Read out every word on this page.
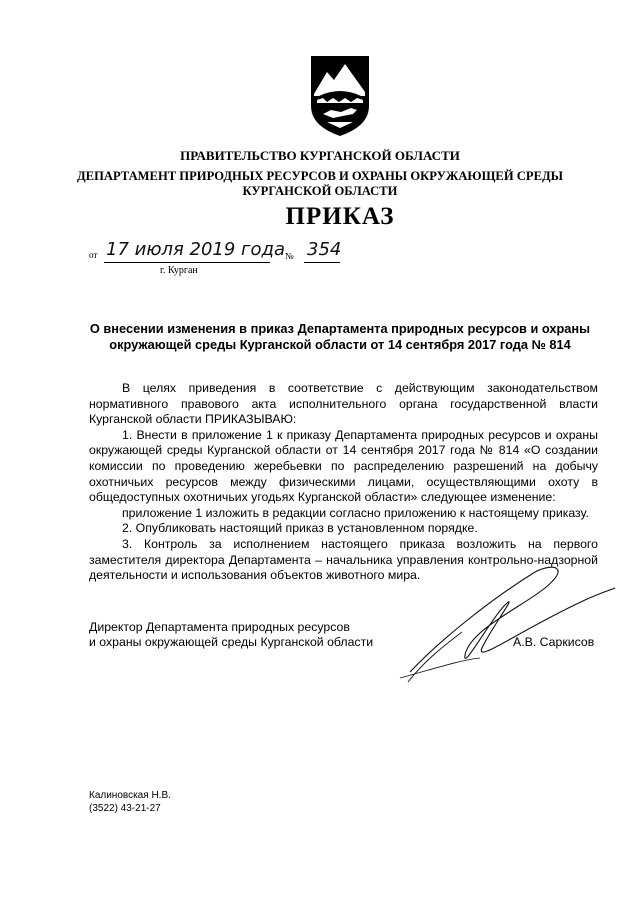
ПРАВИТЕЛЬСТВО КУРГАНСКОЙ ОБЛАСТИ
ДЕПАРТАМЕНТ ПРИРОДНЫХ РЕСУРСОВ И ОХРАНЫ ОКРУЖАЮЩЕЙ СРЕДЫ
КУРГАНСКОЙ ОБЛАСТИ
ПРИКАЗ
от 17 июля 2019 года № 354
г. Курган
О внесении изменения в приказ Департамента природных ресурсов и охраны
окружающей среды Курганской области от 14 сентября 2017 года № 814
В целях приведения в соответствие с действующим законодательством
нормативного правового акта исполнительного органа государственной власти
Курганской области ПРИКАЗЫВАЮ:
1. Внести в приложение 1 к приказу Департамента природных ресурсов и охраны
окружающей среды Курганской области от 14 сентября 2017 года № 814 «О создании
комиссии по проведению жеребьевки по распределению разрешений на добычу
охотничьих ресурсов между физическими лицами, осуществляющими охоту в
общедоступных охотничьих угодьях Курганской области» следующее изменение:
приложение 1 изложить в редакции согласно приложению к настоящему приказу.
2. Опубликовать настоящий приказ в установленном порядке.
3. Контроль за исполнением настоящего приказа возложить на первого
заместителя директора Департамента – начальника управления контрольно-надзорной
деятельности и использования объектов животного мира.
Директор Департамента природных ресурсов
и охраны окружающей среды Курганской области	А.В. Саркисов
Калиновская Н.В.
(3522) 43-21-27
